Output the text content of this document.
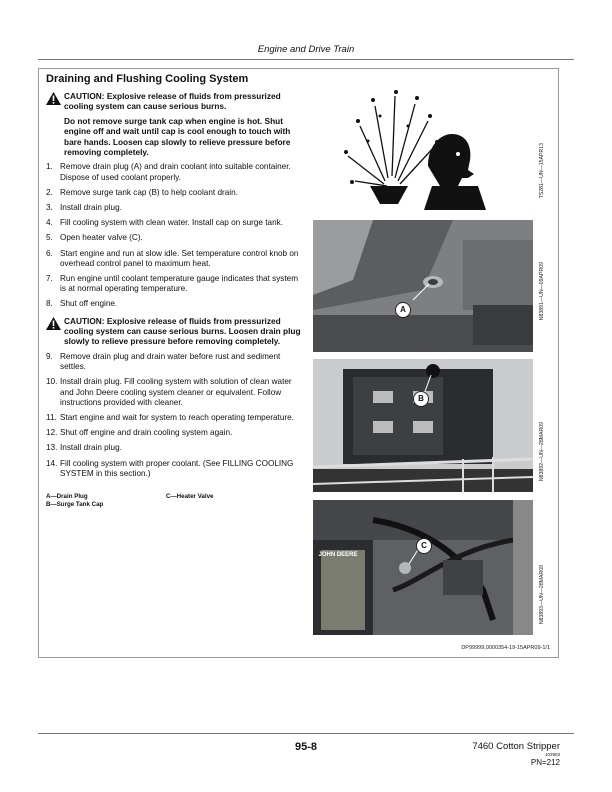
Engine and Drive Train
Draining and Flushing Cooling System
CAUTION: Explosive release of fluids from pressurized cooling system can cause serious burns.
Do not remove surge tank cap when engine is hot. Shut engine off and wait until cap is cool enough to touch with bare hands. Loosen cap slowly to relieve pressure before removing completely.
1. Remove drain plug (A) and drain coolant into suitable container. Dispose of used coolant properly.
2. Remove surge tank cap (B) to help coolant drain.
3. Install drain plug.
4. Fill cooling system with clean water. Install cap on surge tank.
5. Open heater valve (C).
6. Start engine and run at slow idle. Set temperature control knob on overhead control panel to maximum heat.
7. Run engine until coolant temperature gauge indicates that system is at normal operating temperature.
8. Shut off engine.
CAUTION: Explosive release of fluids from pressurized cooling system can cause serious burns. Loosen drain plug slowly to relieve pressure before removing completely.
9. Remove drain plug and drain water before rust and sediment settles.
10. Install drain plug. Fill cooling system with solution of clean water and John Deere cooling system cleaner or equivalent. Follow instructions provided with cleaner.
11. Start engine and wait for system to reach operating temperature.
12. Shut off engine and drain cooling system again.
13. Install drain plug.
14. Fill cooling system with proper coolant. (See FILLING COOLING SYSTEM in this section.)
A—Drain Plug
B—Surge Tank Cap
C—Heater Valve
TS281—UN—15APR13
A	N83891—UN—09APR09
B
N83892—UN—28MAR09
JOHN DEERE
C
N83893—UN—28MAR09
DP99999,0000354-19-15APR09-1/1
95-8	7460 Cotton Stripper
102903
PN=212
